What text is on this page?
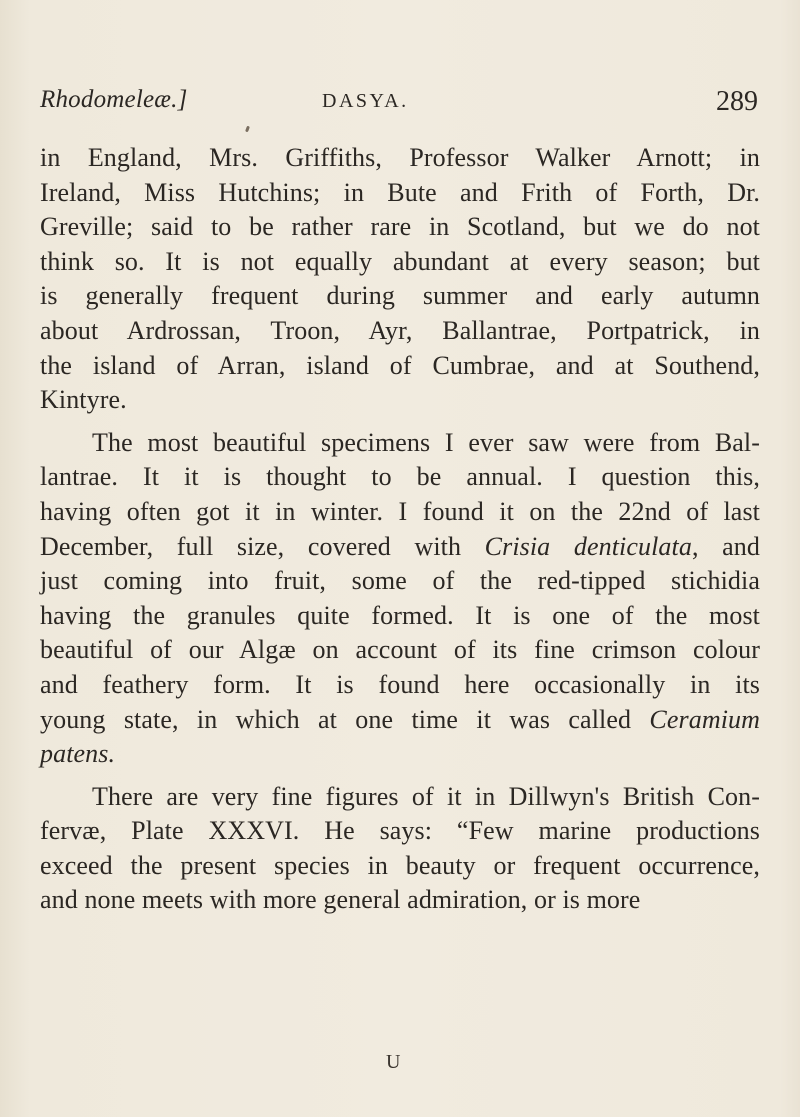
Rhodomeleæ.]	DASYA.	289

in England, Mrs. Griffiths, Professor Walker Arnott; in
Ireland, Miss Hutchins; in Bute and Frith of Forth, Dr.
Greville; said to be rather rare in Scotland, but we do not
think so. It is not equally abundant at every season; but
is generally frequent during summer and early autumn
about Ardrossan, Troon, Ayr, Ballantrae, Portpatrick, in
the island of Arran, island of Cumbrae, and at Southend,
Kintyre.

The most beautiful specimens I ever saw were from Bal-
lantrae. It it is thought to be annual. I question this,
having often got it in winter. I found it on the 22nd of last
December, full size, covered with Crisia denticulata, and
just coming into fruit, some of the red-tipped stichidia
having the granules quite formed. It is one of the most
beautiful of our Algæ on account of its fine crimson colour
and feathery form. It is found here occasionally in its
young state, in which at one time it was called Ceramium
patens.

There are very fine figures of it in Dillwyn's British Con-
fervæ, Plate XXXVI. He says: “Few marine productions
exceed the present species in beauty or frequent occurrence,
and none meets with more general admiration, or is more

U
